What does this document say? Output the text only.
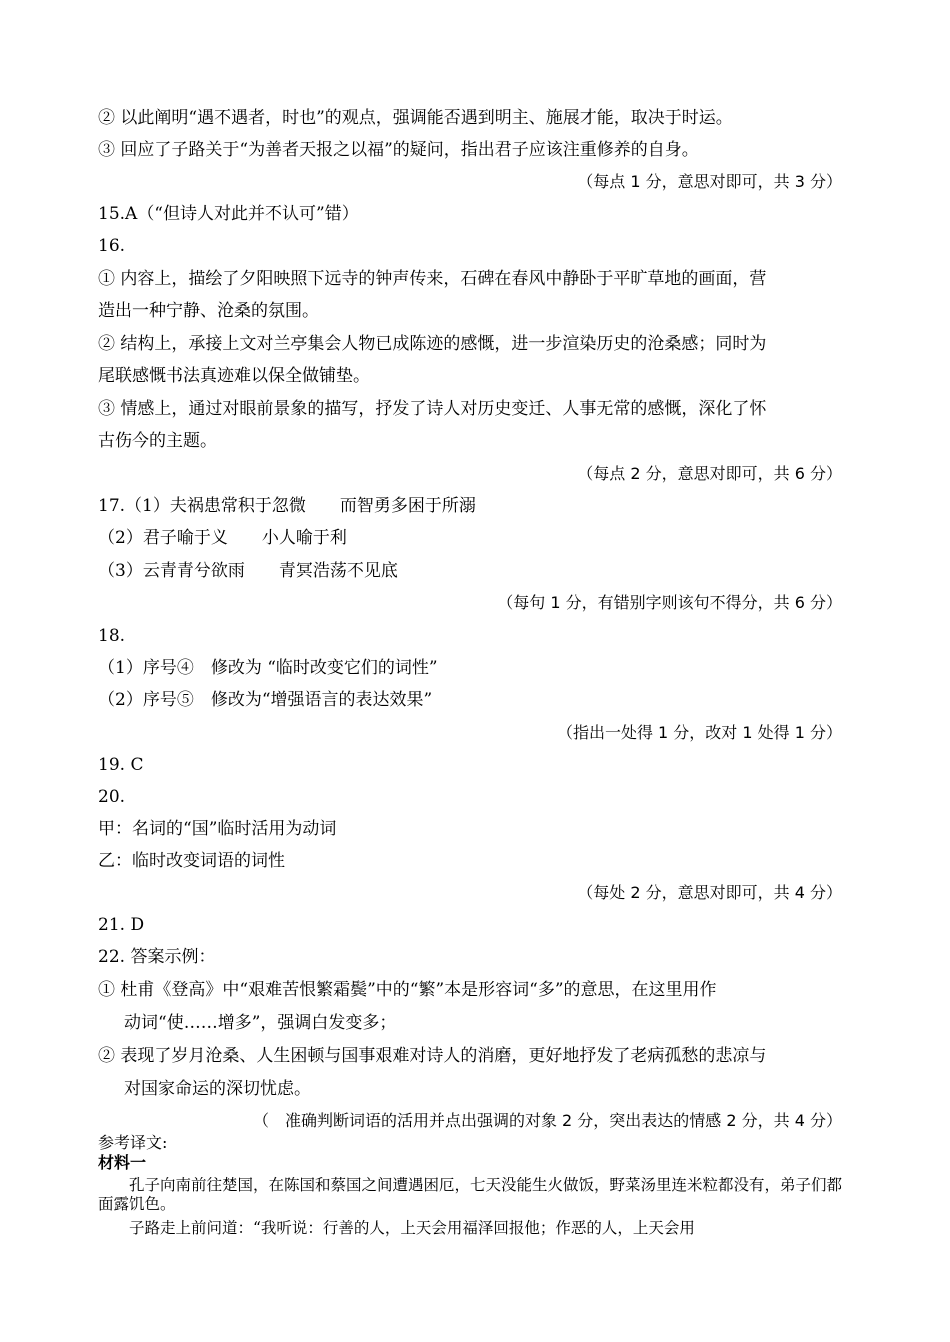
② 以此阐明“遇不遇者，时也”的观点，强调能否遇到明主、施展才能，取决于时运。
③ 回应了子路关于“为善者天报之以福”的疑问，指出君子应该注重修养的自身。
（每点 1 分，意思对即可，共 3 分）
15.A（“但诗人对此并不认可”错）
16.
① 内容上，描绘了夕阳映照下远寺的钟声传来，石碑在春风中静卧于平旷草地的画面，营
造出一种宁静、沧桑的氛围。
② 结构上，承接上文对兰亭集会人物已成陈迹的感慨，进一步渲染历史的沧桑感；同时为
尾联感慨书法真迹难以保全做铺垫。
③ 情感上，通过对眼前景象的描写，抒发了诗人对历史变迁、人事无常的感慨，深化了怀
古伤今的主题。
（每点 2 分，意思对即可，共 6 分）
17.（1）夫祸患常积于忽微　　而智勇多困于所溺
（2）君子喻于义　　小人喻于利
（3）云青青兮欲雨　　青冥浩荡不见底
（每句 1 分，有错别字则该句不得分，共 6 分）
18.
（1）序号④　修改为 “临时改变它们的词性”
（2）序号⑤　修改为“增强语言的表达效果”
（指出一处得 1 分，改对 1 处得 1 分）
19. C
20.
甲：名词的“国”临时活用为动词
乙：临时改变词语的词性
（每处 2 分，意思对即可，共 4 分）
21. D
22. 答案示例：
① 杜甫《登高》中“艰难苦恨繁霜鬓”中的“繁”本是形容词“多”的意思，在这里用作
动词“使……增多”，强调白发变多；
② 表现了岁月沧桑、人生困顿与国事艰难对诗人的消磨，更好地抒发了老病孤愁的悲凉与
对国家命运的深切忧虑。
（　准确判断词语的活用并点出强调的对象 2 分，突出表达的情感 2 分，共 4 分）
参考译文:
材料一
孔子向南前往楚国，在陈国和蔡国之间遭遇困厄，七天没能生火做饭，野菜汤里连米粒都没有，弟子们都面露饥色。
子路走上前问道：“我听说：行善的人，上天会用福泽回报他；作恶的人，上天会用
